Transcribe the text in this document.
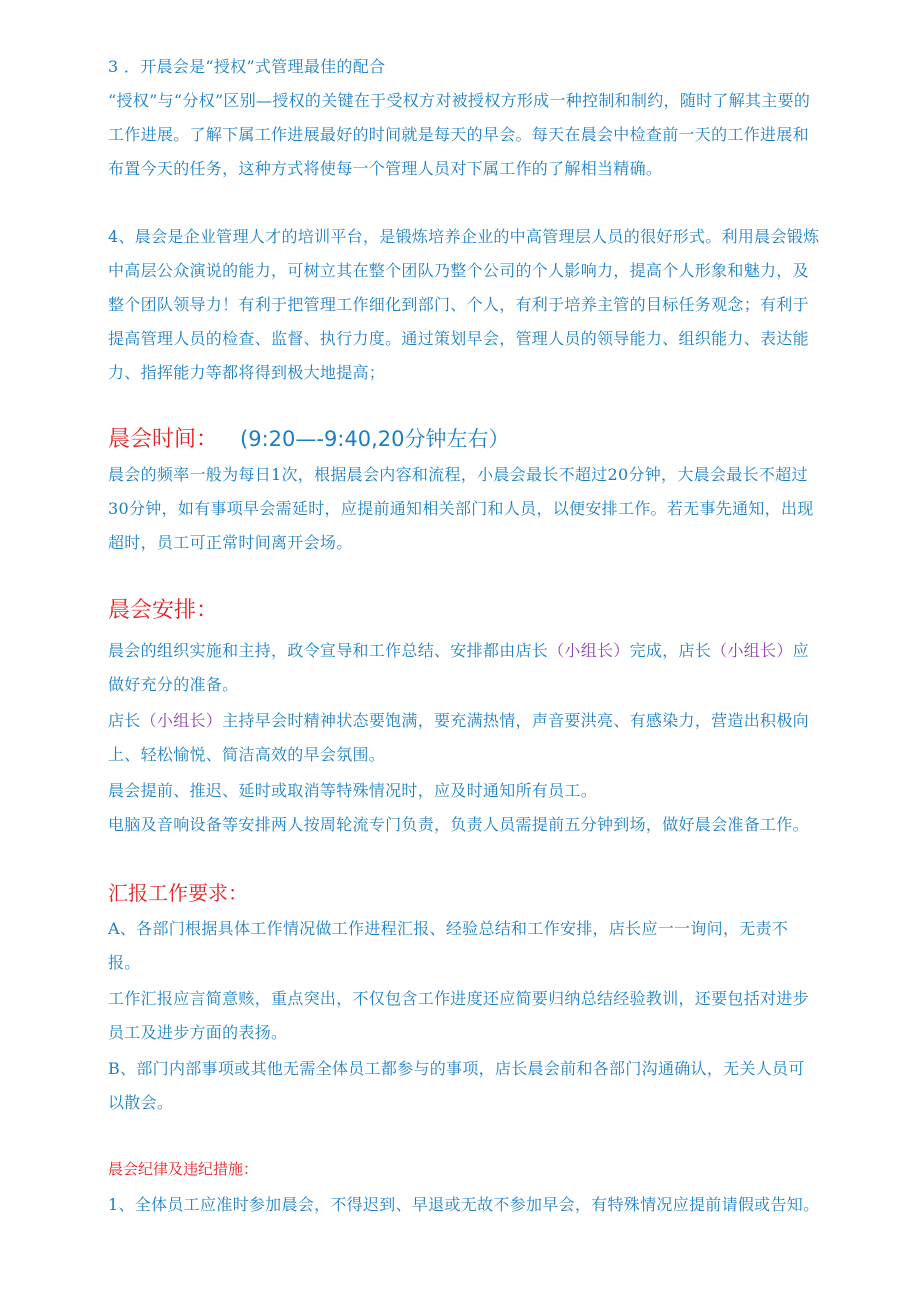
3 ．开晨会是“授权”式管理最佳的配合

“授权”与“分权”区别—授权的关键在于受权方对被授权方形成一种控制和制约，随时了解其主要的工作进展。了解下属工作进展最好的时间就是每天的早会。每天在晨会中检查前一天的工作进展和布置今天的任务，这种方式将使每一个管理人员对下属工作的了解相当精确。

4、晨会是企业管理人才的培训平台，是锻炼培养企业的中高管理层人员的很好形式。利用晨会锻炼中高层公众演说的能力，可树立其在整个团队乃整个公司的个人影响力，提高个人形象和魅力，及整个团队领导力！有利于把管理工作细化到部门、个人，有利于培养主管的目标任务观念；有利于提高管理人员的检查、监督、执行力度。通过策划早会，管理人员的领导能力、组织能力、表达能力、指挥能力等都将得到极大地提高；

晨会时间： (9:20—-9:40,20分钟左右）

晨会的频率一般为每日1次，根据晨会内容和流程，小晨会最长不超过20分钟，大晨会最长不超过30分钟，如有事项早会需延时，应提前通知相关部门和人员，以便安排工作。若无事先通知，出现超时，员工可正常时间离开会场。

晨会安排：

晨会的组织实施和主持，政令宣导和工作总结、安排都由店长（小组长）完成，店长（小组长）应做好充分的准备。

店长（小组长）主持早会时精神状态要饱满，要充满热情，声音要洪亮、有感染力，营造出积极向上、轻松愉悦、简洁高效的早会氛围。

晨会提前、推迟、延时或取消等特殊情况时，应及时通知所有员工。

电脑及音响设备等安排两人按周轮流专门负责，负责人员需提前五分钟到场，做好晨会准备工作。

汇报工作要求：

A、各部门根据具体工作情况做工作进程汇报、经验总结和工作安排，店长应一一询问，无责不报。

工作汇报应言简意赅，重点突出，不仅包含工作进度还应简要归纳总结经验教训，还要包括对进步员工及进步方面的表扬。

B、部门内部事项或其他无需全体员工都参与的事项，店长晨会前和各部门沟通确认，无关人员可以散会。

晨会纪律及违纪措施：

1、全体员工应准时参加晨会，不得迟到、早退或无故不参加早会，有特殊情况应提前请假或告知。
